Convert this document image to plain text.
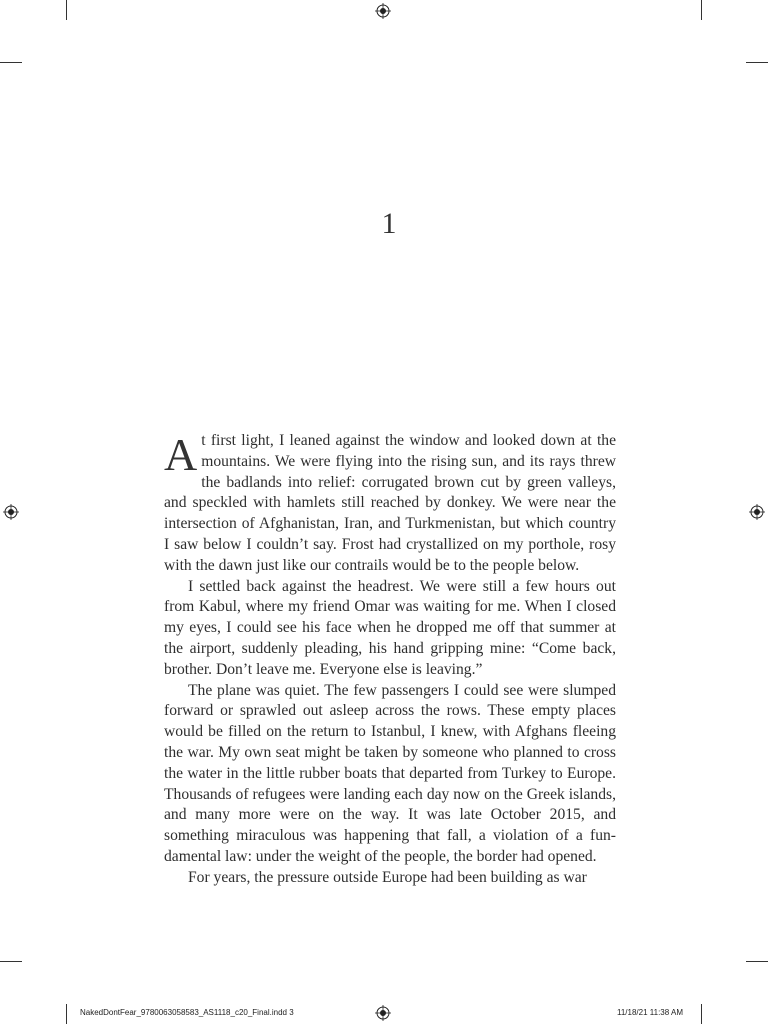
1

At first light, I leaned against the window and looked down at the mountains. We were flying into the rising sun, and its rays threw the badlands into relief: corrugated brown cut by green valleys, and speckled with hamlets still reached by donkey. We were near the intersection of Afghanistan, Iran, and Turkmenistan, but which country I saw below I couldn’t say. Frost had crystallized on my porthole, rosy with the dawn just like our contrails would be to the people below.

I settled back against the headrest. We were still a few hours out from Kabul, where my friend Omar was waiting for me. When I closed my eyes, I could see his face when he dropped me off that summer at the airport, suddenly pleading, his hand gripping mine: “Come back, brother. Don’t leave me. Everyone else is leaving.”

The plane was quiet. The few passengers I could see were slumped forward or sprawled out asleep across the rows. These empty places would be filled on the return to Istanbul, I knew, with Afghans fleeing the war. My own seat might be taken by someone who planned to cross the water in the little rubber boats that departed from Turkey to Europe. Thousands of refugees were landing each day now on the Greek islands, and many more were on the way. It was late October 2015, and something miraculous was happening that fall, a violation of a fundamental law: under the weight of the people, the border had opened.

For years, the pressure outside Europe had been building as war

NakedDontFear_9780063058583_AS1118_c20_Final.indd 3	11/18/21 11:38 AM
